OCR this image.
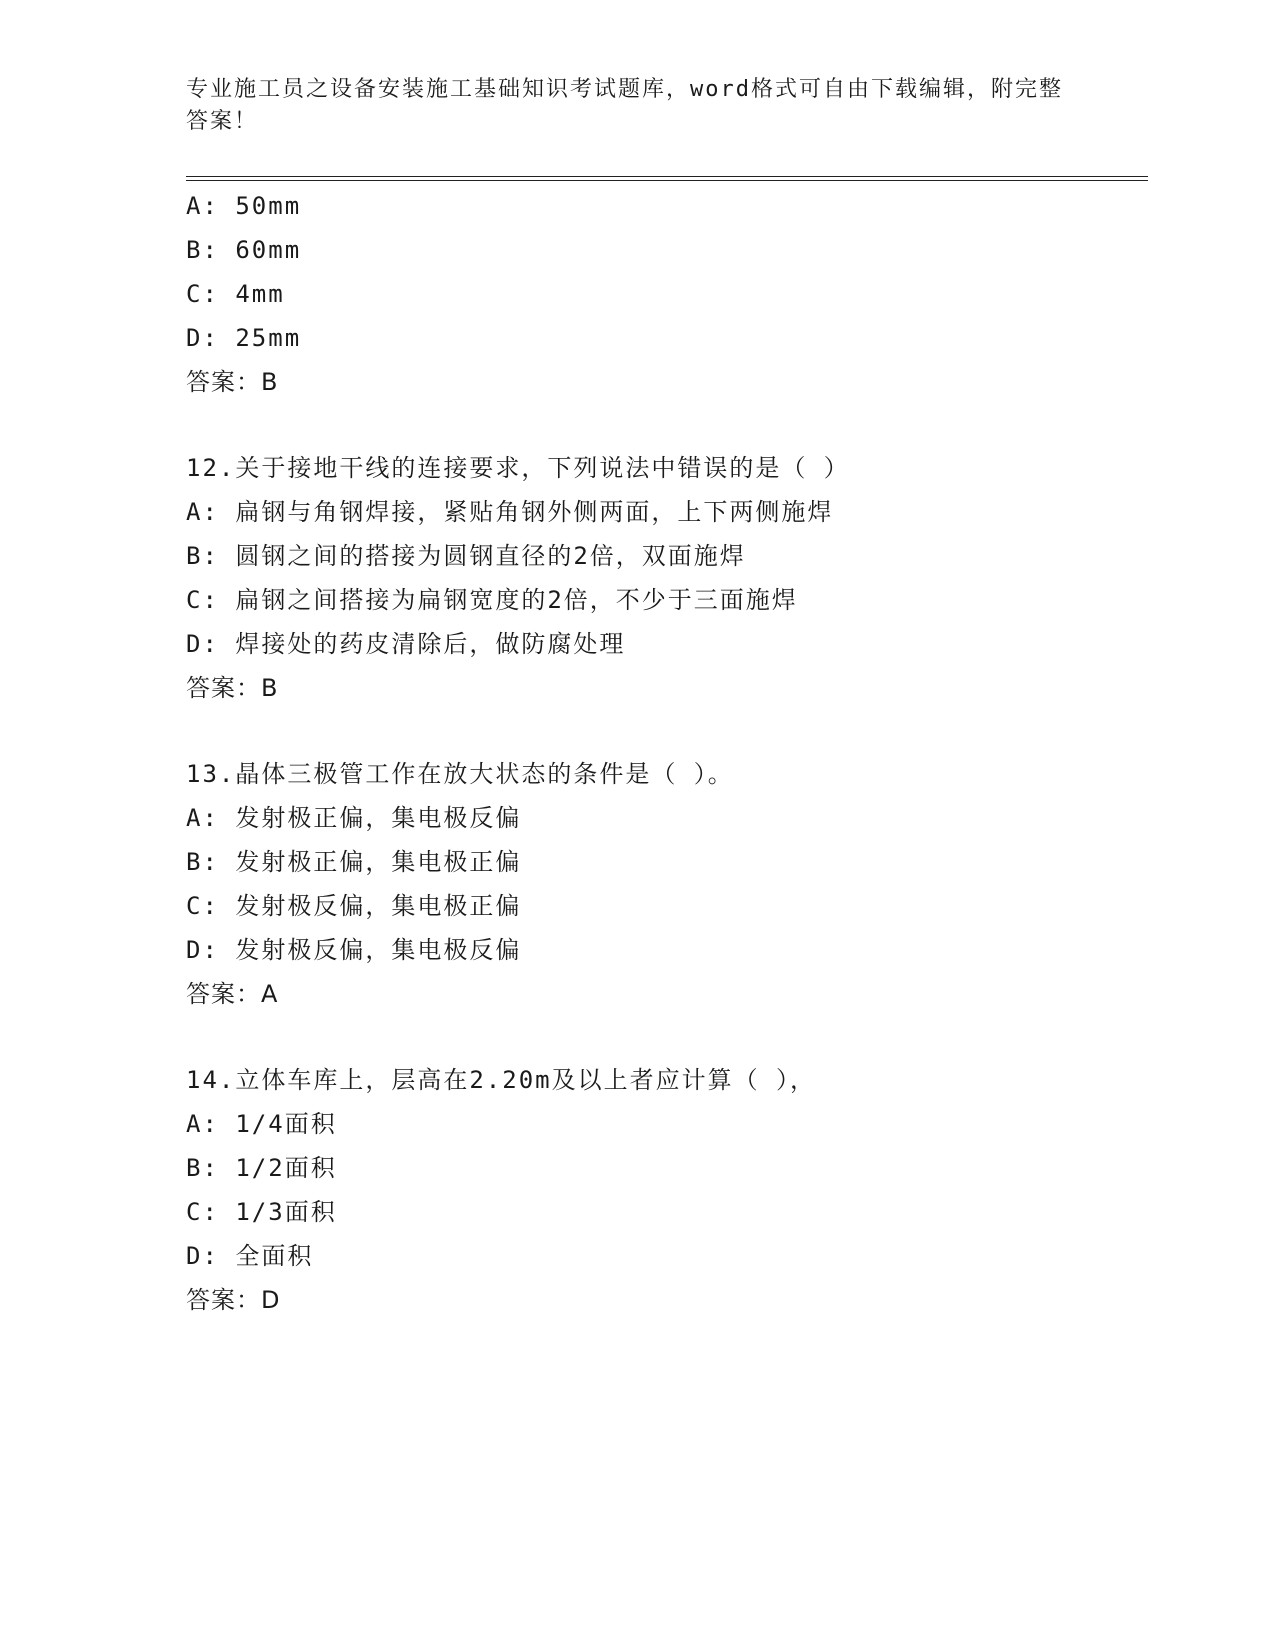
专业施工员之设备安装施工基础知识考试题库，word格式可自由下载编辑，附完整答案！

A: 50mm

B: 60mm

C: 4mm

D: 25mm

答案：B

12.关于接地干线的连接要求，下列说法中错误的是（ ）

A: 扁钢与角钢焊接，紧贴角钢外侧两面，上下两侧施焊

B: 圆钢之间的搭接为圆钢直径的2倍，双面施焊

C: 扁钢之间搭接为扁钢宽度的2倍，不少于三面施焊

D: 焊接处的药皮清除后，做防腐处理

答案：B

13.晶体三极管工作在放大状态的条件是（ ）。

A: 发射极正偏，集电极反偏

B: 发射极正偏，集电极正偏

C: 发射极反偏，集电极正偏

D: 发射极反偏，集电极反偏

答案：A

14.立体车库上，层高在2.20m及以上者应计算（ ），

A: 1/4面积

B: 1/2面积

C: 1/3面积

D: 全面积

答案：D
